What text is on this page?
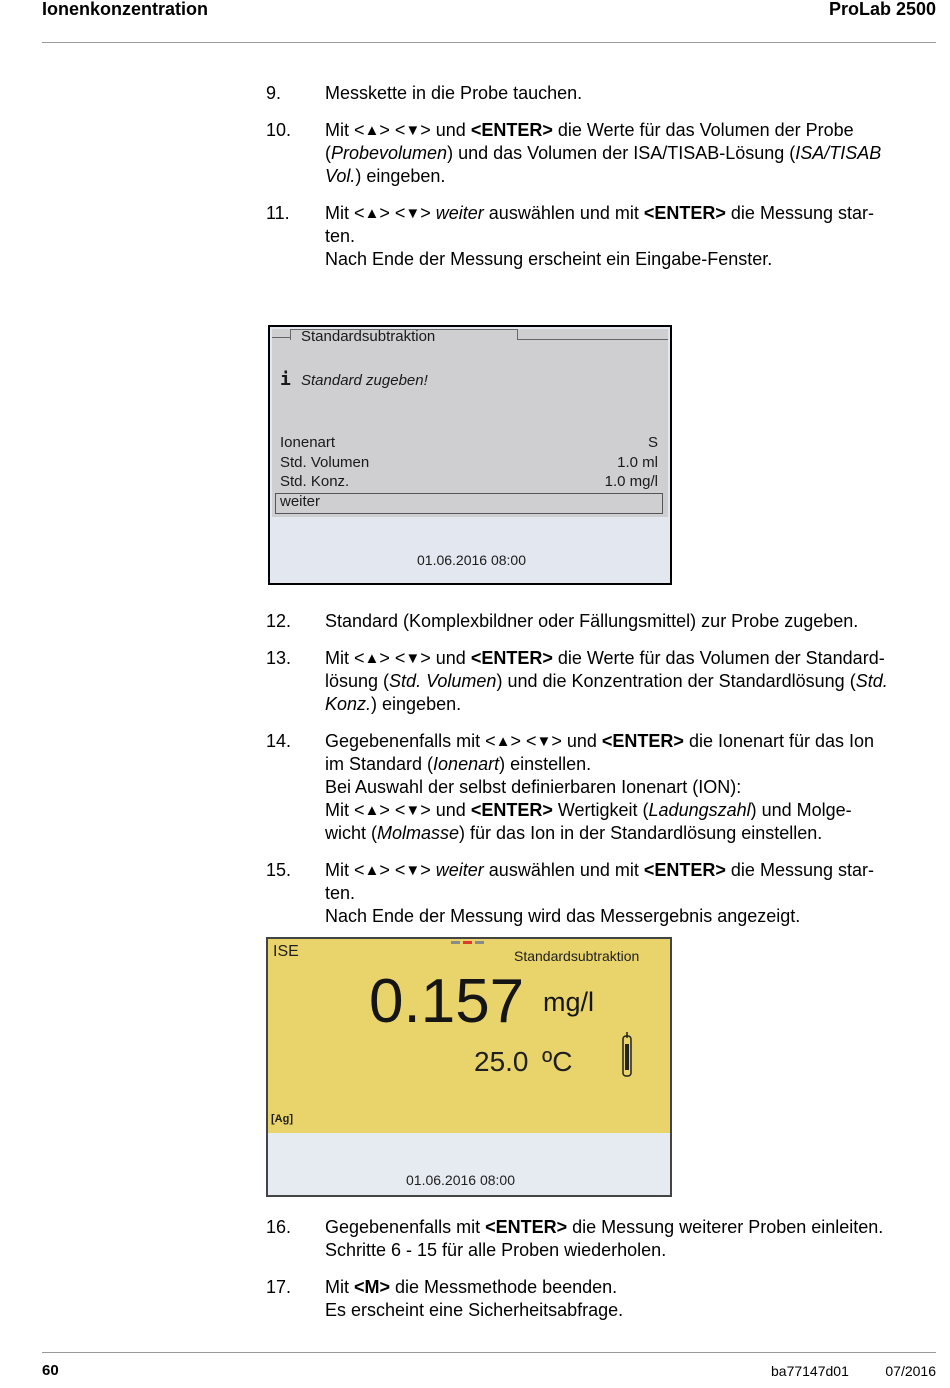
Ionenkonzentration	ProLab 2500
9. Messkette in die Probe tauchen.
10. Mit <▲> <▼> und <ENTER> die Werte für das Volumen der Probe
(Probevolumen) und das Volumen der ISA/TISAB-Lösung (ISA/TISAB
Vol.) eingeben.
11. Mit <▲> <▼> weiter auswählen und mit <ENTER> die Messung star-
ten.
Nach Ende der Messung erscheint ein Eingabe-Fenster.
Standardsubtraktion
i Standard zugeben!
Ionenart	S
Std. Volumen	1.0 ml
Std. Konz.	1.0 mg/l
weiter
01.06.2016 08:00
12. Standard (Komplexbildner oder Fällungsmittel) zur Probe zugeben.
13. Mit <▲> <▼> und <ENTER> die Werte für das Volumen der Standard-
lösung (Std. Volumen) und die Konzentration der Standardlösung (Std.
Konz.) eingeben.
14. Gegebenenfalls mit <▲> <▼> und <ENTER> die Ionenart für das Ion
im Standard (Ionenart) einstellen.
Bei Auswahl der selbst definierbaren Ionenart (ION):
Mit <▲> <▼> und <ENTER> Wertigkeit (Ladungszahl) und Molge-
wicht (Molmasse) für das Ion in der Standardlösung einstellen.
15. Mit <▲> <▼> weiter auswählen und mit <ENTER> die Messung star-
ten.
Nach Ende der Messung wird das Messergebnis angezeigt.
ISE	Standardsubtraktion
0.157 mg/l
25.0 ºC
[Ag]
01.06.2016 08:00
16. Gegebenenfalls mit <ENTER> die Messung weiterer Proben einleiten.
Schritte 6 - 15 für alle Proben wiederholen.
17. Mit <M> die Messmethode beenden.
Es erscheint eine Sicherheitsabfrage.
60	ba77147d01	07/2016
